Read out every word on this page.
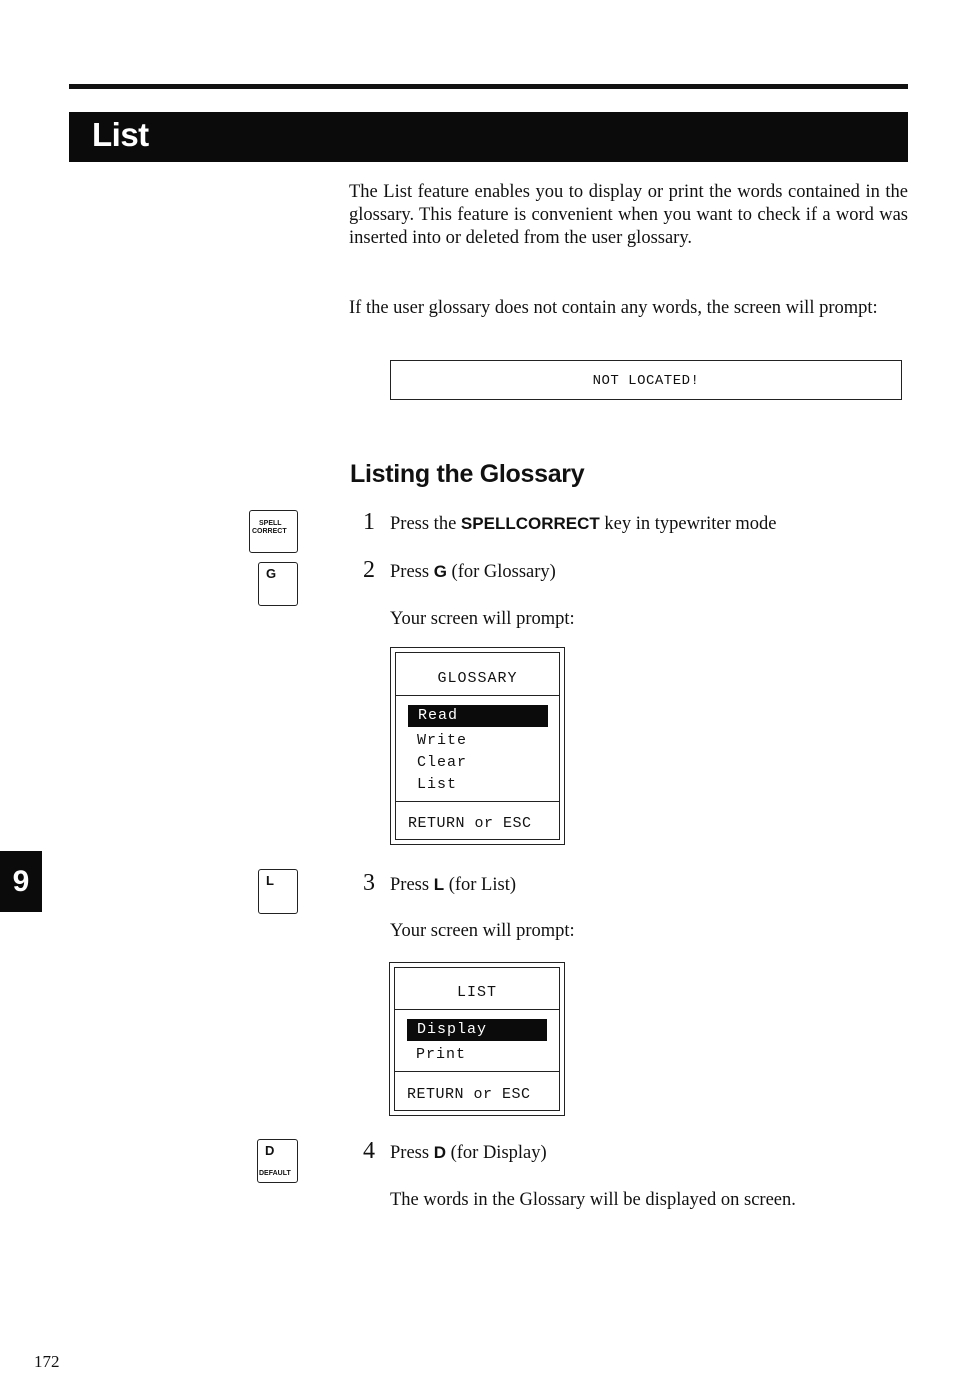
List
The List feature enables you to display or print the words contained in the glossary. This feature is convenient when you want to check if a word was inserted into or deleted from the user glossary.
If the user glossary does not contain any words, the screen will prompt:
NOT LOCATED!
Listing the Glossary
SPELL
CORRECT
G
L
D
DEFAULT
1 Press the SPELLCORRECT key in typewriter mode
2 Press G (for Glossary)
Your screen will prompt:
GLOSSARY
Read
Write
Clear
List
RETURN or ESC
3 Press L (for List)
Your screen will prompt:
LIST
Display
Print
RETURN or ESC
4 Press D (for Display)
The words in the Glossary will be displayed on screen.
9
172
